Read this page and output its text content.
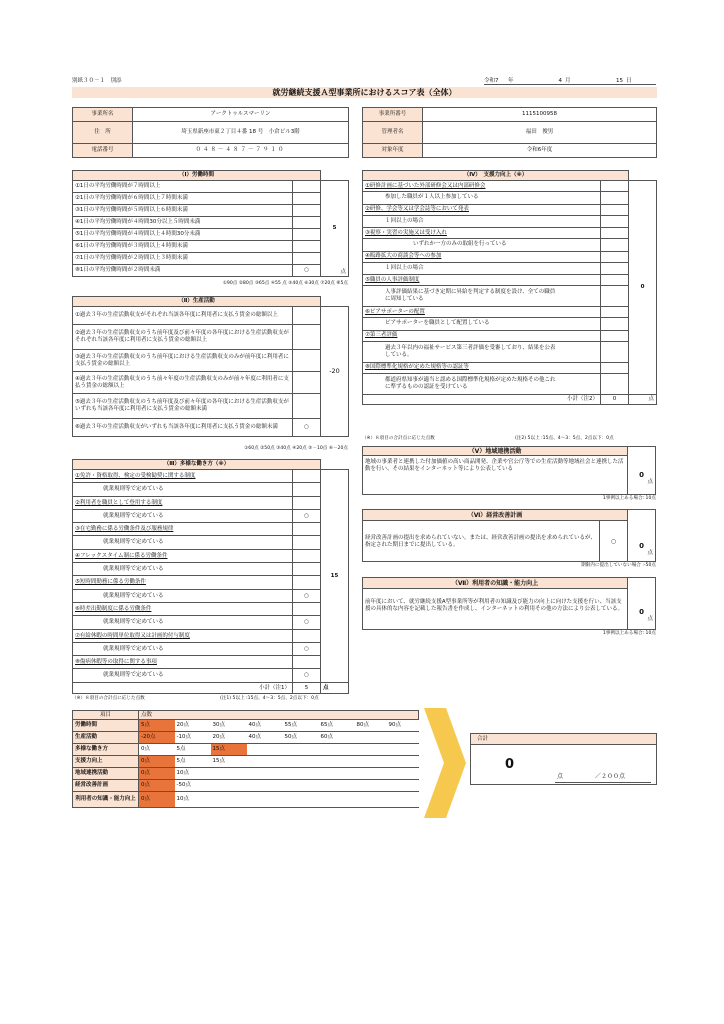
別紙３０－１　別添	令和7	年	4 月	15 日
就労継続支援Ａ型事業所におけるスコア表（全体）
事業所名	アークトゥルスマーリン
住　所	埼玉県新座市東２丁目４番 18 号　小倉ビル3階
電話番号	０４８－４８７－７９１０
事業所番号	1115100958
管理者名	福田　俊男
対象年度	令和6年度
（Ⅰ）労働時間		
①1日の平均労働時間が７時間以上		5
点

②1日の平均労働時間が６時間以上７時間未満		
③1日の平均労働時間が５時間以上６時間未満		
④1日の平均労働時間が４時間30分以上５時間未満		
⑤1日の平均労働時間が４時間以上４時間30分未満		
⑥1日の平均労働時間が３時間以上４時間未満		
⑦1日の平均労働時間が２時間以上３時間未満		
⑧1日の平均労働時間が２時間未満	○	
①90点 ②80点 ③65点 ④55 点 ⑤40点 ⑥30点 ⑦20点 ⑧5点
（Ⅱ）生産活動		
①過去３年の生産活動収支がそれぞれ当該各年度に利用者に支払う賃金の総額以上		-20
②過去３年の生産活動収支のうち前年度及び前々年度の各年度における生産活動収支がそれぞれ当該各年度に利用者に支払う賃金の総額以上		
③過去３年の生産活動収支のうち前年度における生産活動収支のみが前年度に利用者に支払う賃金の総額以上		
④過去３年の生産活動収支のうち前々年度の生産活動収支のみが前々年度に利用者に支払う賃金の総額以上		
⑤過去３年の生産活動収支のうち前年度及び前々年度の各年度における生産活動収支がいずれも当該各年度に利用者に支払う賃金の総額未満		
⑥過去３年の生産活動収支がいずれも当該各年度に利用者に支払う賃金の総額未満	○	
①60点 ②50点 ③40点 ④20点 ⑤－10点 ⑥－20点
（Ⅲ）多様な働き方（※）		
①免許・資格取得、検定の受検勧奨に関する制度		15
就業規則等で定めている		
②利用者を職員として登用する制度		
就業規則等で定めている	○	
③在宅勤務に係る労働条件及び服務規律		
就業規則等で定めている		
④フレックスタイム制に係る労働条件		
就業規則等で定めている		
⑤短時間勤務に係る労働条件		
就業規則等で定めている	○	
⑥時差出勤制度に係る労働条件		
就業規則等で定めている	○	
⑦有給休暇の時間単位取得又は計画的付与制度		
就業規則等で定めている	○	
⑧傷病休暇等の取得に関する事項		
就業規則等で定めている	○	
小計（注1）	5	点
（※）８項目の合計点に応じた点数	(注1) 5以上 :15点、4～3：5点、2点以下：0点
（Ⅳ）　支援力向上（※）		
①研修計画に基づいた外部研修会又は内部研修会		0
参加した職員が１人以上参加している		
②研修、学会等又は学会誌等において発表		
１回以上の場合		
③視察・実習の実施又は受け入れ		
いずれか一方のみの取組を行っている		
④販路拡大の商談会等への参加		
１回以上の場合		
⑤職員の人事評価制度		
人事評価結果に基づき定期に昇給を判定する制度を設け、全ての職員に周知している		
⑥ピアサポーターの配置		
ピアサポーターを職員として配置している		
⑦第三者評価		
過去３年以内の福祉サービス第三者評価を受審しており、結果を公表している。		
⑧国際標準化規格が定めた規格等の認証等		
都道府県知事が適当と認める国際標準化規格が定めた規格その他これに準ずるものの認証を受けている		
小計（注2）	0	点
（※）８項目の合計点に応じた点数	(注2) 5以上 :15点、4～3：5点、2点以下：0点
（Ⅴ）地域連携活動
地域の事業者と連携した付加価値の高い商品開発、企業や官公庁等での生産活動等地域社会と連携した活動を行い、その結果をインターネット等により公表している
0
点
1事例以上ある場合: 10点
（Ⅵ）経営改善計画
経営改善計画の提出を求められていない。または、経営改善計画の提出を求められているが、指定された期日までに提出している。	○
0
点
期限内に提出していない場合 :-50点
（Ⅶ）利用者の知識・能力向上
前年度において、就労継続支援A型事業所等が利用者の知識及び能力の向上に向けた支援を行い、当該支援の具体的な内容を記載した報告書を作成し、インターネットの利用その他の方法により公表している。	0
点
1事例以上ある場合: 10点
項目	点数							
労働時間	5点	20点	30点	40点	55点	65点	80点	90点
生産活動	-20点	-10点	20点	40点	50点	60点		
多様な働き方	0点	5点	15点					
支援力向上	0点	5点	15点					
地域連携活動	0点	10点						
経営改善計画	0点	-50点						
利用者の知識・能力向上	0点	10点						
合計
0
点	／２００点
